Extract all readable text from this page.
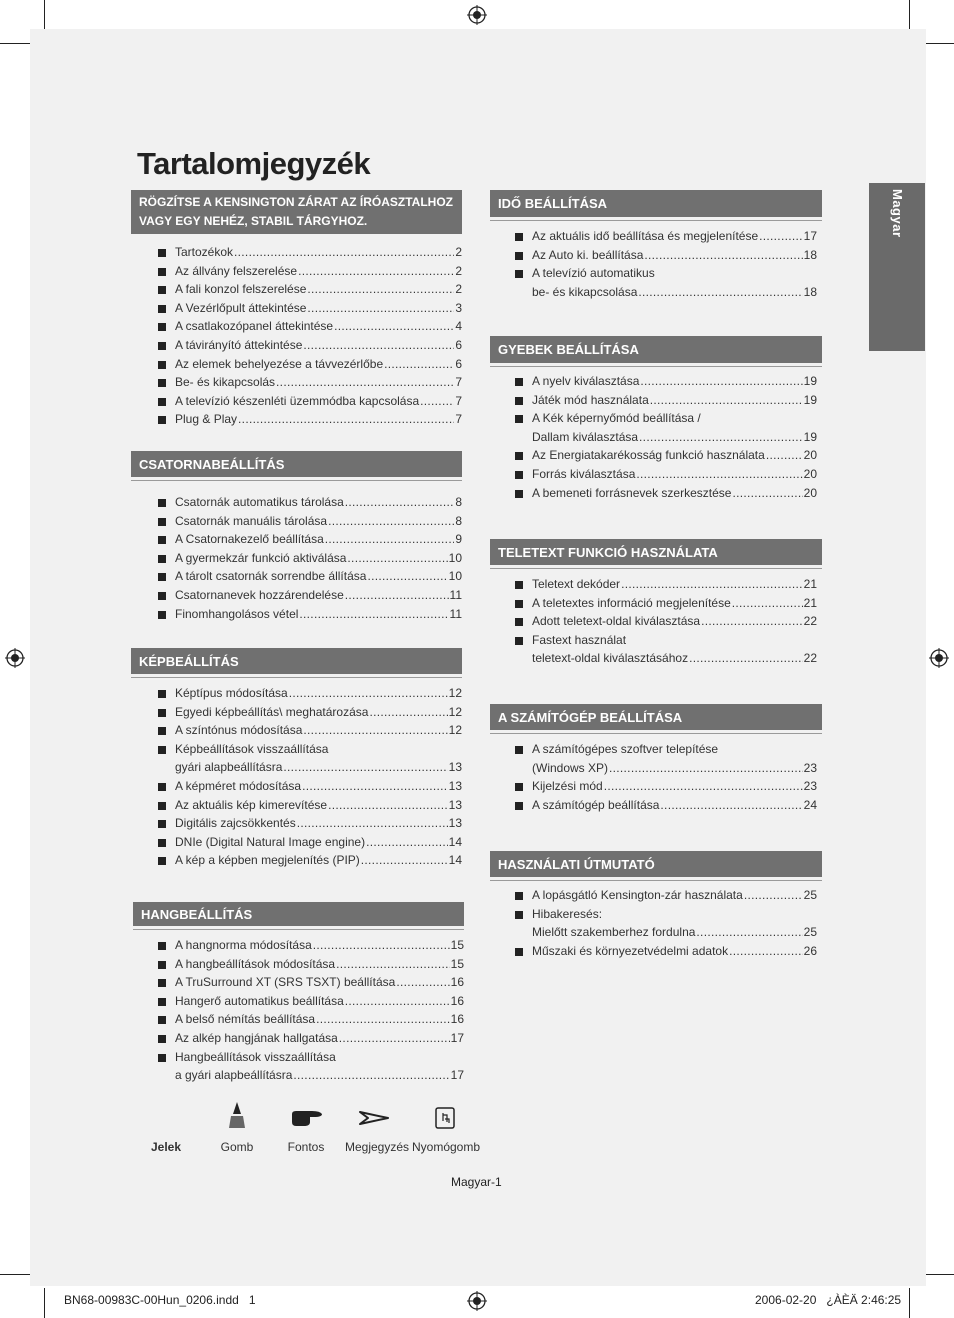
Tartalomjegyzék
Magyar
RÖGZÍTSE A KENSINGTON ZÁRAT AZ ÍRÓASZTALHOZ VAGY EGY NEHÉZ, STABIL TÁRGYHOZ.
Tartozékok .....	2
Az állvány felszerelése .....	2
A fali konzol felszerelése .....	2
A Vezérlőpult áttekintése .....	3
A csatlakozópanel áttekintése .....	4
A távirányító áttekintése .....	6
Az elemek behelyezése a távvezérlőbe .....	6
Be- és kikapcsolás .....	7
A televízió készenléti üzemmódba kapcsolása .....	7
Plug & Play .....	7
CSATORNABEÁLLÍTÁS
Csatornák automatikus tárolása .....	8
Csatornák manuális tárolása .....	8
A Csatornakezelő beállítása .....	9
A gyermekzár funkció aktiválása .....	10
A tárolt csatornák sorrendbe állítása .....	10
Csatornanevek hozzárendelése .....	11
Finomhangolásos vétel .....	11
KÉPBEÁLLÍTÁS
Képtípus módosítása .....	12
Egyedi képbeállítás\ meghatározása .....	12
A színtónus módosítása .....	12
Képbeállítások visszaállítása
gyári alapbeállításra .....	13
A képméret módosítása .....	13
Az aktuális kép kimerevítése .....	13
Digitális zajcsökkentés .....	13
DNIe (Digital Natural Image engine) .....	14
A kép a képben megjelenítés (PIP) .....	14
HANGBEÁLLÍTÁS
A hangnorma módosítása .....	15
A hangbeállítások módosítása .....	15
A TruSurround XT (SRS TSXT) beállítása .....	16
Hangerő automatikus beállítása .....	16
A belső némítás beállítása .....	16
Az alkép hangjának hallgatása .....	17
Hangbeállítások visszaállítása
a gyári alapbeállításra .....	17
IDŐ BEÁLLÍTÁSA
Az aktuális idő beállítása és megjelenítése .....	17
Az Auto ki. beállítása .....	18
A televízió automatikus
be- és kikapcsolása .....	18
GYEBEK BEÁLLÍTÁSA
A nyelv kiválasztása .....	19
Játék mód használata .....	19
A Kék képernyőmód beállítása /
Dallam kiválasztása .....	19
Az Energiatakarékosság funkció használata .....	20
Forrás kiválasztása .....	20
A bemeneti forrásnevek szerkesztése .....	20
TELETEXT FUNKCIÓ HASZNÁLATA
Teletext dekóder .....	21
A teletextes információ megjelenítése .....	21
Adott teletext-oldal kiválasztása .....	22
Fastext használat
teletext-oldal kiválasztásához .....	22
A SZÁMÍTÓGÉP BEÁLLÍTÁSA
A számítógépes szoftver telepítése
(Windows XP) .....	23
Kijelzési mód .....	23
A számítógép beállítása .....	24
HASZNÁLATI ÚTMUTATÓ
A lopásgátló Kensington-zár használata .....	25
Hibakeresés:
Mielőtt szakemberhez fordulna .....	25
Műszaki és környezetvédelmi adatok .....	26
Jelek	Gomb	Fontos	Megjegyzés Nyomógomb
Magyar-1
BN68-00983C-00Hun_0206.indd 1	2006-02-20   ¿ÀÈÄ 2:46:25
